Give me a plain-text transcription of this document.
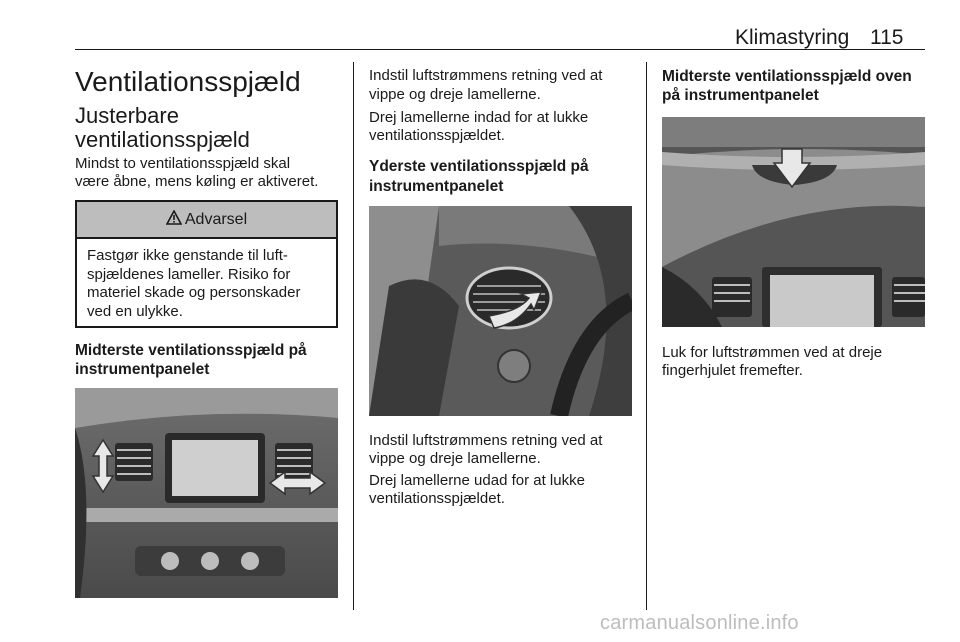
Klimastyring 115
Ventilationsspjæld
Justerbare
ventilationsspjæld
Mindst to ventilationsspjæld skal
være åbne, mens køling er aktiveret.
Advarsel
Fastgør ikke genstande til luft-
spjældenes lameller. Risiko for
materiel skade og personskader
ved en ulykke.
Midterste ventilationsspjæld på
instrumentpanelet
Indstil luftstrømmens retning ved at
vippe og dreje lamellerne.
Drej lamellerne indad for at lukke
ventilationsspjældet.
Yderste ventilationsspjæld på
instrumentpanelet
Indstil luftstrømmens retning ved at
vippe og dreje lamellerne.
Drej lamellerne udad for at lukke
ventilationsspjældet.
Midterste ventilationsspjæld oven
på instrumentpanelet
Luk for luftstrømmen ved at dreje
fingerhjulet fremefter.
carmanualsonline.info
